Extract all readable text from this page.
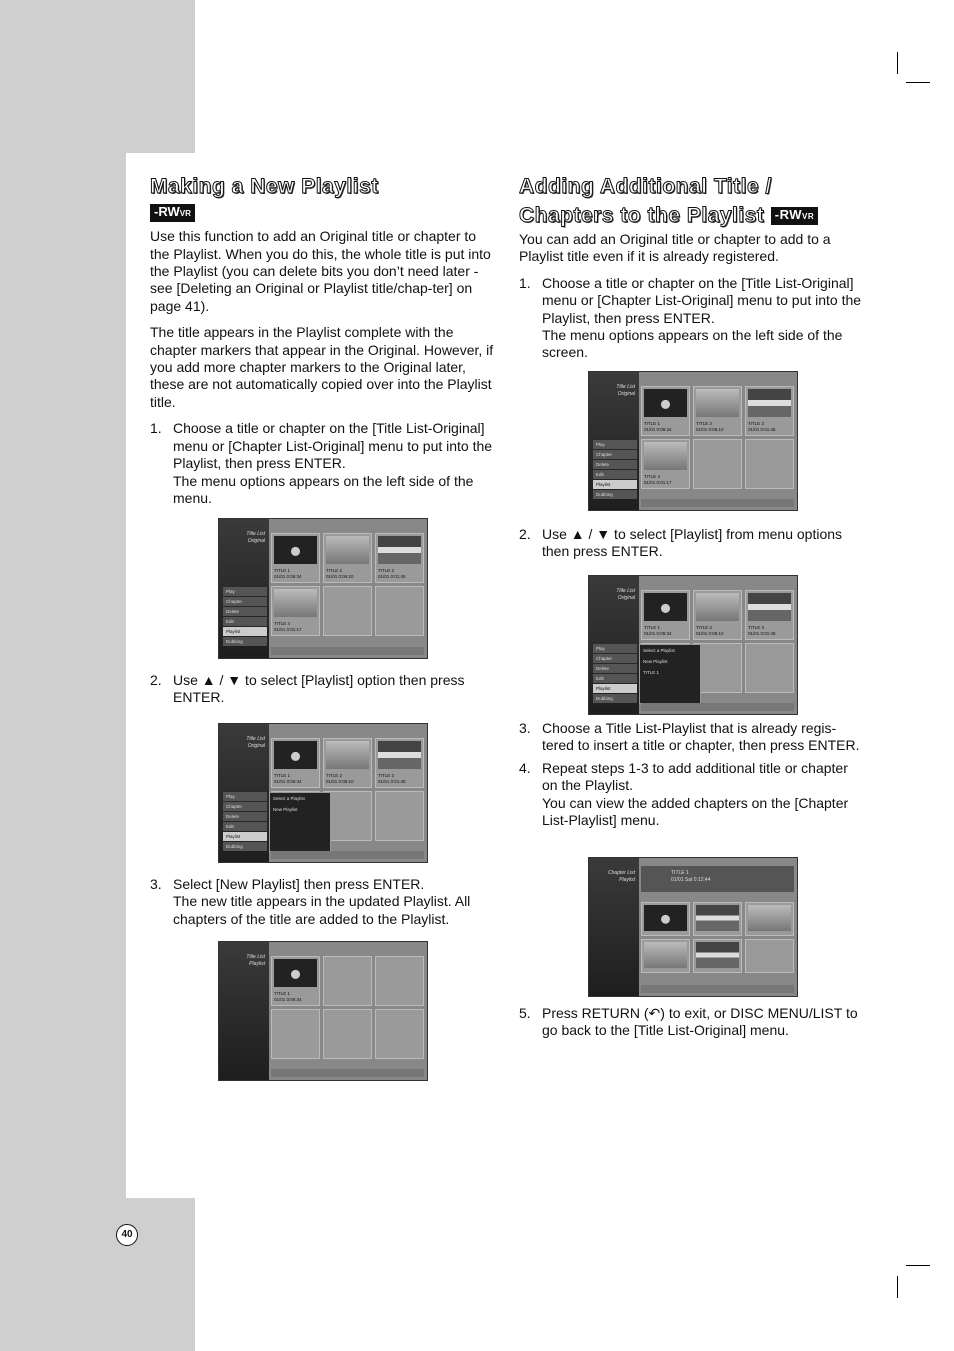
Making a New Playlist
-RWVR

Use this function to add an Original title or chapter to the Playlist. When you do this, the whole title is put into the Playlist (you can delete bits you don’t need later - see [Deleting an Original or Playlist title/chap-ter] on page 41).

The title appears in the Playlist complete with the chapter markers that appear in the Original. However, if you add more chapter markers to the Original later, these are not automatically copied over into the Playlist title.

1. Choose a title or chapter on the [Title List-Original] menu or [Chapter List-Original] menu to put into the Playlist, then press ENTER.
The menu options appears on the left side of the menu.
Title List
Original
Play
Chapter
Delete
Edit
Playlist
Dubbing
TITLE 1
01/01 0:06:34
TITLE 2
01/01 0:06:10
TITLE 3
01/01 0:01:45
TITLE 4
01/01 0:01:17
2. Use ▲ / ▼ to select [Playlist] option then press ENTER.
Title List
Original
Play
Chapter
Delete
Edit
Playlist
Dubbing
TITLE 1
01/01 0:06:34
TITLE 2
01/01 0:06:10
TITLE 3
01/01 0:01:45
Select a Playlist
New Playlist
3. Select [New Playlist] then press ENTER.
The new title appears in the updated Playlist. All chapters of the title are added to the Playlist.
Title List
Playlist
TITLE 1
01/01 0:06:34
Adding Additional Title /
Chapters to the Playlist -RWVR

You can add an Original title or chapter to add to a Playlist title even if it is already registered.

1. Choose a title or chapter on the [Title List-Original] menu or [Chapter List-Original] menu to put into the Playlist, then press ENTER.
The menu options appears on the left side of the screen.
Title List
Original
Play
Chapter
Delete
Edit
Playlist
Dubbing
TITLE 1
01/01 0:06:34
TITLE 2
01/01 0:06:10
TITLE 3
01/01 0:01:45
TITLE 4
01/01 0:01:17
2. Use ▲ / ▼ to select [Playlist] from menu options then press ENTER.
Title List
Original
Play
Chapter
Delete
Edit
Playlist
Dubbing
TITLE 1
01/01 0:06:34
TITLE 2
01/01 0:06:10
TITLE 3
01/01 0:01:45
Select a Playlist
New Playlist
TITLE 1
3. Choose a Title List-Playlist that is already regis-tered to insert a title or chapter, then press ENTER.
4. Repeat steps 1-3 to add additional title or chapter on the Playlist.
You can view the added chapters on the [Chapter List-Playlist] menu.
Chapter List
Playlist
TITLE 1
01/01 Sat 0:12:44
5. Press RETURN (↶) to exit, or DISC MENU/LIST to go back to the [Title List-Original] menu.
40
